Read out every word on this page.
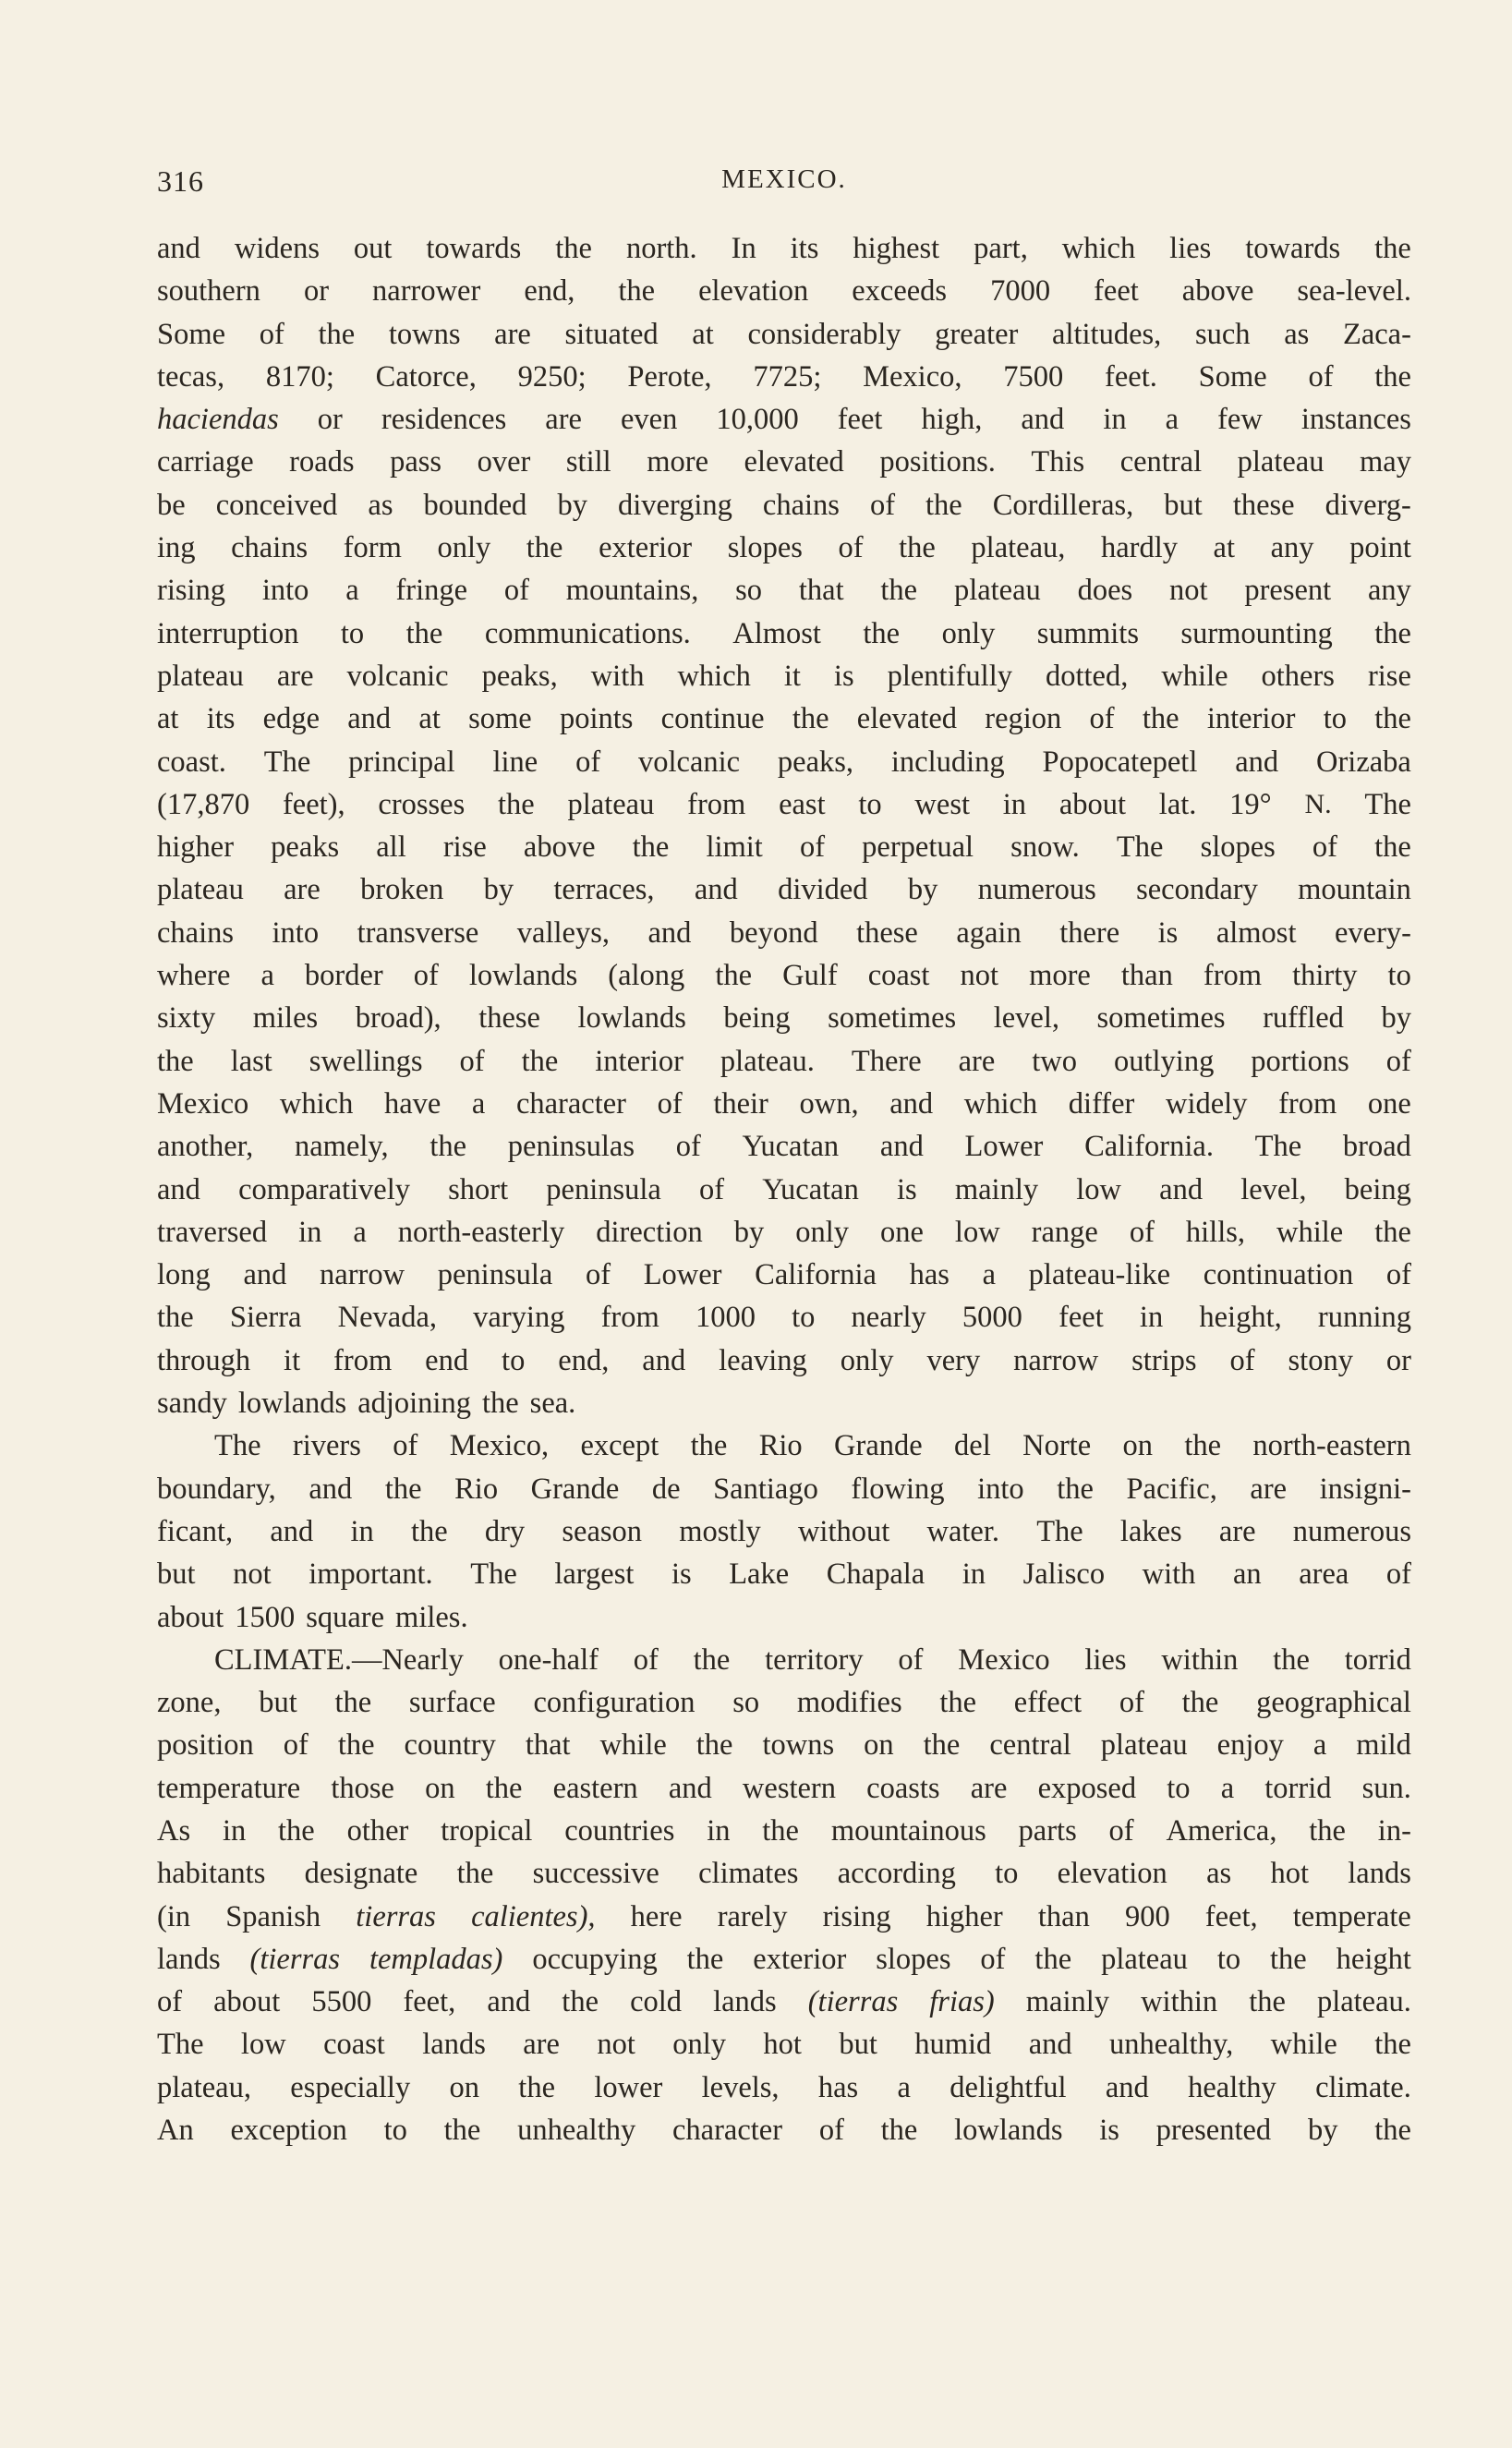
316	MEXICO.
and widens out towards the north. In its highest part, which lies towards the
southern or narrower end, the elevation exceeds 7000 feet above sea-level.
Some of the towns are situated at considerably greater altitudes, such as Zaca-
tecas, 8170; Catorce, 9250; Perote, 7725; Mexico, 7500 feet. Some of the
haciendas or residences are even 10,000 feet high, and in a few instances
carriage roads pass over still more elevated positions. This central plateau may
be conceived as bounded by diverging chains of the Cordilleras, but these diverg-
ing chains form only the exterior slopes of the plateau, hardly at any point
rising into a fringe of mountains, so that the plateau does not present any
interruption to the communications. Almost the only summits surmounting the
plateau are volcanic peaks, with which it is plentifully dotted, while others rise
at its edge and at some points continue the elevated region of the interior to the
coast. The principal line of volcanic peaks, including Popocatepetl and Orizaba
(17,870 feet), crosses the plateau from east to west in about lat. 19° N. The
higher peaks all rise above the limit of perpetual snow. The slopes of the
plateau are broken by terraces, and divided by numerous secondary mountain
chains into transverse valleys, and beyond these again there is almost every-
where a border of lowlands (along the Gulf coast not more than from thirty to
sixty miles broad), these lowlands being sometimes level, sometimes ruffled by
the last swellings of the interior plateau. There are two outlying portions of
Mexico which have a character of their own, and which differ widely from one
another, namely, the peninsulas of Yucatan and Lower California. The broad
and comparatively short peninsula of Yucatan is mainly low and level, being
traversed in a north-easterly direction by only one low range of hills, while the
long and narrow peninsula of Lower California has a plateau-like continuation of
the Sierra Nevada, varying from 1000 to nearly 5000 feet in height, running
through it from end to end, and leaving only very narrow strips of stony or
sandy lowlands adjoining the sea.
The rivers of Mexico, except the Rio Grande del Norte on the north-eastern
boundary, and the Rio Grande de Santiago flowing into the Pacific, are insigni-
ficant, and in the dry season mostly without water. The lakes are numerous
but not important. The largest is Lake Chapala in Jalisco with an area of
about 1500 square miles.
CLIMATE.—Nearly one-half of the territory of Mexico lies within the torrid
zone, but the surface configuration so modifies the effect of the geographical
position of the country that while the towns on the central plateau enjoy a mild
temperature those on the eastern and western coasts are exposed to a torrid sun.
As in the other tropical countries in the mountainous parts of America, the in-
habitants designate the successive climates according to elevation as hot lands
(in Spanish tierras calientes), here rarely rising higher than 900 feet, temperate
lands (tierras templadas) occupying the exterior slopes of the plateau to the height
of about 5500 feet, and the cold lands (tierras frias) mainly within the plateau.
The low coast lands are not only hot but humid and unhealthy, while the
plateau, especially on the lower levels, has a delightful and healthy climate.
An exception to the unhealthy character of the lowlands is presented by the
